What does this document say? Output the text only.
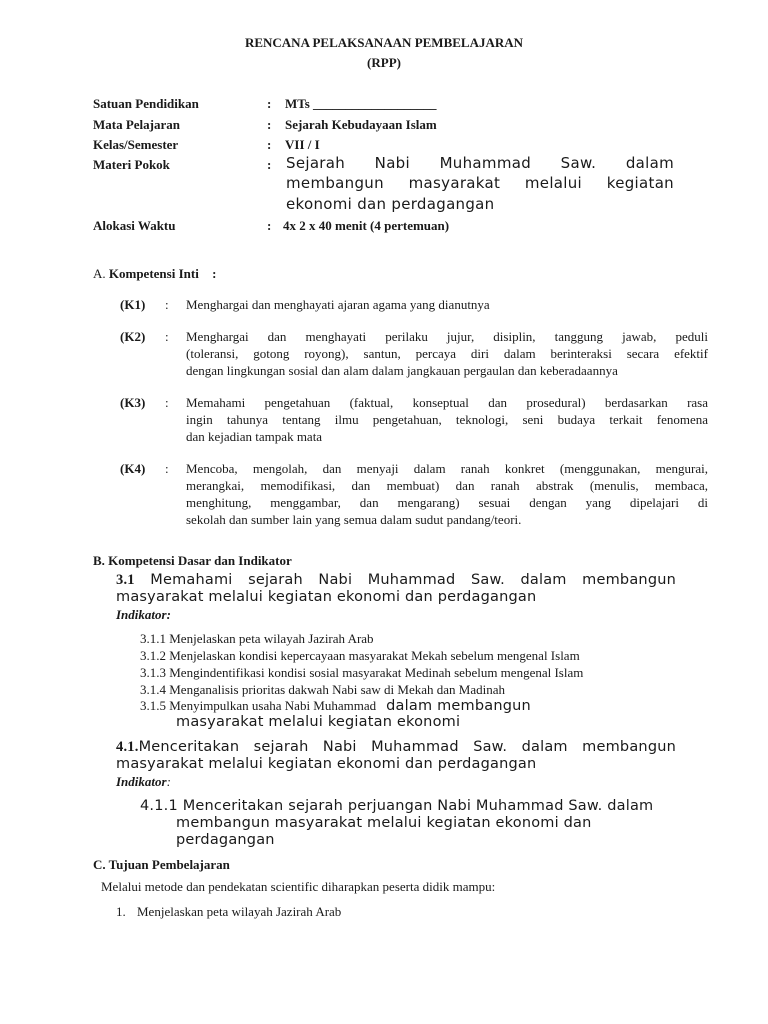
RENCANA PELAKSANAAN PEMBELAJARAN
(RPP)
Satuan Pendidikan	: MTs ___________________
Mata Pelajaran	: Sejarah Kebudayaan Islam
Kelas/Semester	: VII / I
Materi Pokok	: Sejarah Nabi Muhammad Saw. dalam
membangun masyarakat melalui kegiatan
ekonomi dan perdagangan
Alokasi Waktu	: 4x 2 x 40 menit (4 pertemuan)
A. Kompetensi Inti :
(K1) : Menghargai dan menghayati ajaran agama yang dianutnya
(K2) : Menghargai dan menghayati perilaku jujur, disiplin, tanggung jawab, peduli
(toleransi, gotong royong), santun, percaya diri dalam berinteraksi secara efektif
dengan lingkungan sosial dan alam dalam jangkauan pergaulan dan keberadaannya
(K3) : Memahami pengetahuan (faktual, konseptual dan prosedural) berdasarkan rasa
ingin tahunya tentang ilmu pengetahuan, teknologi, seni budaya terkait fenomena
dan kejadian tampak mata
(K4) : Mencoba, mengolah, dan menyaji dalam ranah konkret (menggunakan, mengurai,
merangkai, memodifikasi, dan membuat) dan ranah abstrak (menulis, membaca,
menghitung, menggambar, dan mengarang) sesuai dengan yang dipelajari di
sekolah dan sumber lain yang semua dalam sudut pandang/teori.
B. Kompetensi Dasar dan Indikator
3.1 Memahami sejarah Nabi Muhammad Saw. dalam membangun
masyarakat melalui kegiatan ekonomi dan perdagangan
Indikator:
3.1.1 Menjelaskan peta wilayah Jazirah Arab
3.1.2 Menjelaskan kondisi kepercayaan masyarakat Mekah sebelum mengenal Islam
3.1.3 Mengindentifikasi kondisi sosial masyarakat Medinah sebelum mengenal Islam
3.1.4 Menganalisis prioritas dakwah Nabi saw di Mekah dan Madinah
3.1.5 Menyimpulkan usaha Nabi Muhammad dalam membangun
masyarakat melalui kegiatan ekonomi
4.1.Menceritakan sejarah Nabi Muhammad Saw. dalam membangun
masyarakat melalui kegiatan ekonomi dan perdagangan
Indikator:
4.1.1 Menceritakan sejarah perjuangan Nabi Muhammad Saw. dalam
membangun masyarakat melalui kegiatan ekonomi dan
perdagangan
C. Tujuan Pembelajaran
Melalui metode dan pendekatan scientific diharapkan peserta didik mampu:
1. Menjelaskan peta wilayah Jazirah Arab
